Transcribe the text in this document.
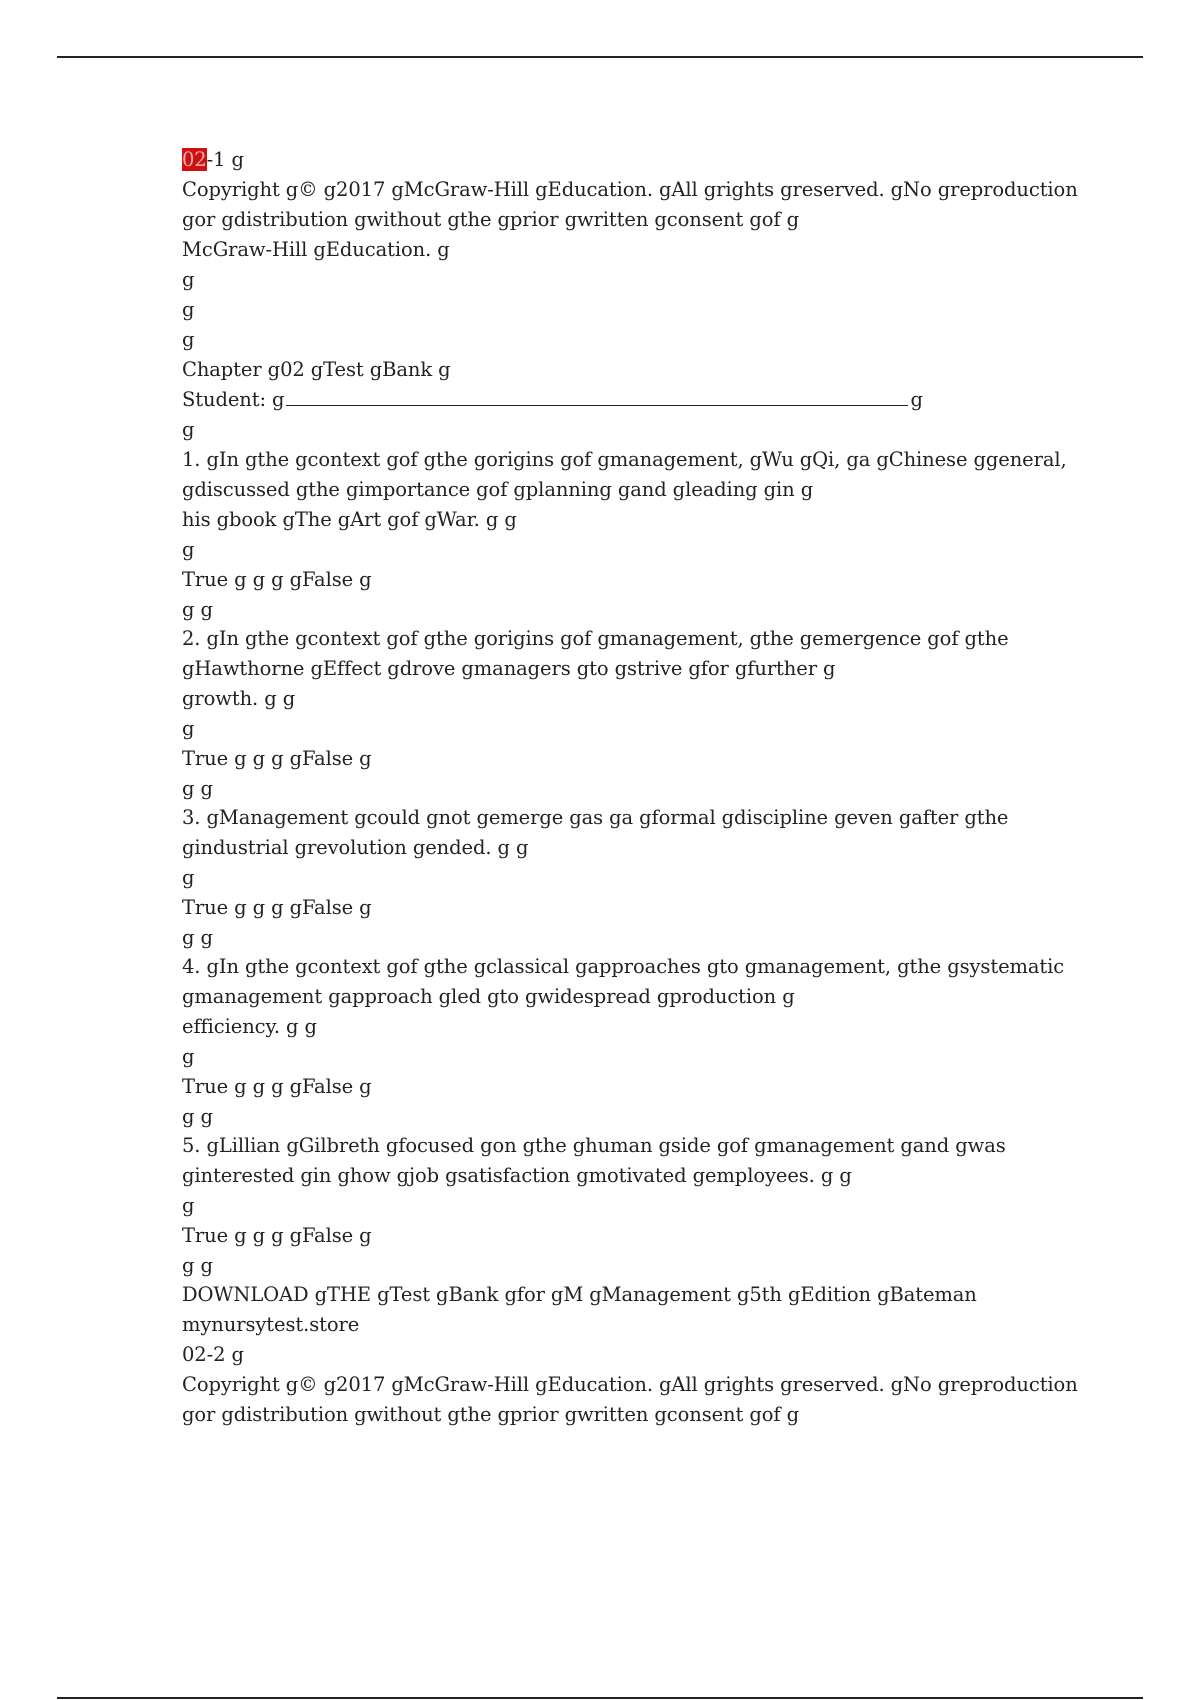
02-1 g
Copyright g© g2017 gMcGraw-Hill gEducation. gAll grights greserved. gNo greproduction
gor gdistribution gwithout gthe gprior gwritten gconsent gof g
McGraw-Hill gEducation. g
g
g
g
Chapter g02 gTest gBank g
Student: g	g
g
1. gIn gthe gcontext gof gthe gorigins gof gmanagement, gWu gQi, ga gChinese ggeneral,
gdiscussed gthe gimportance gof gplanning gand gleading gin g
his gbook gThe gArt gof gWar. g g
g
True g g g gFalse g
g g
2. gIn gthe gcontext gof gthe gorigins gof gmanagement, gthe gemergence gof gthe
gHawthorne gEffect gdrove gmanagers gto gstrive gfor gfurther g
growth. g g
g
True g g g gFalse g
g g
3. gManagement gcould gnot gemerge gas ga gformal gdiscipline geven gafter gthe
gindustrial grevolution gended. g g
g
True g g g gFalse g
g g
4. gIn gthe gcontext gof gthe gclassical gapproaches gto gmanagement, gthe gsystematic
gmanagement gapproach gled gto gwidespread gproduction g
efficiency. g g
g
True g g g gFalse g
g g
5. gLillian gGilbreth gfocused gon gthe ghuman gside gof gmanagement gand gwas
ginterested gin ghow gjob gsatisfaction gmotivated gemployees. g g
g
True g g g gFalse g
g g
DOWNLOAD gTHE gTest gBank gfor gM gManagement g5th gEdition gBateman
mynursytest.store
02-2 g
Copyright g© g2017 gMcGraw-Hill gEducation. gAll grights greserved. gNo greproduction
gor gdistribution gwithout gthe gprior gwritten gconsent gof g
